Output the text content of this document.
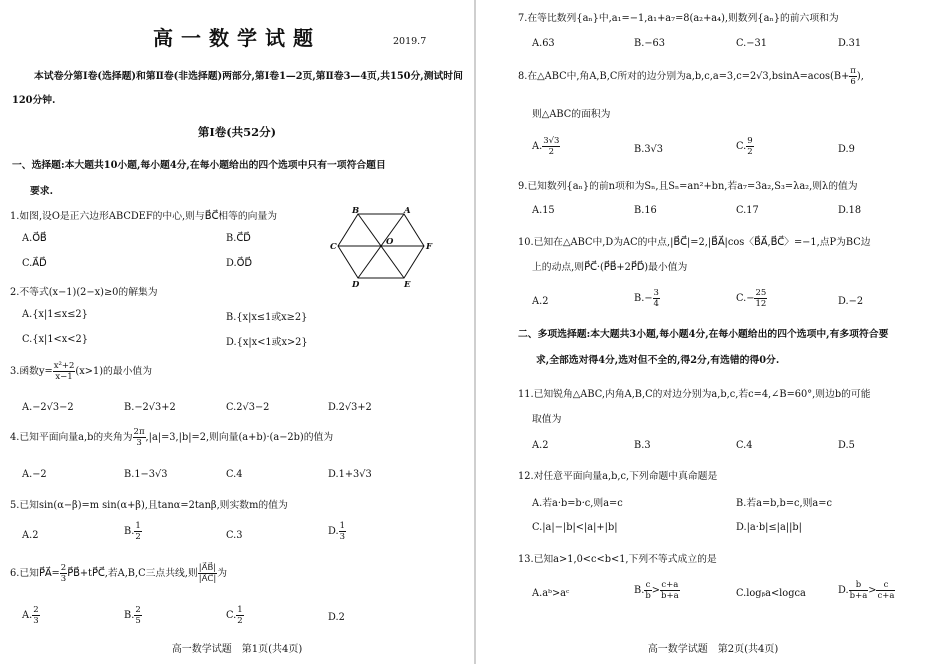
高一数学试题	2019.7
本试卷分第Ⅰ卷(选择题)和第Ⅱ卷(非选择题)两部分,第Ⅰ卷1—2页,第Ⅱ卷3—4页,共150分,测试时间120分钟.
第Ⅰ卷(共52分)
一、选择题:本大题共10小题,每小题4分,在每小题给出的四个选项中只有一项符合题目
要求.
1.如图,设O是正六边形ABCDEF的中心,则与B⃗C⃗相等的向量为
A.O⃗B⃗	B.C⃗D⃗
C.A⃗D⃗	D.O⃗D⃗
B	A
C	O	F
D	E
2.不等式(x−1)(2−x)≥0的解集为
A.{x|1≤x≤2}	B.{x|x≤1或x≥2}
C.{x|1<x<2}	D.{x|x<1或x>2}
3.函数$y= \frac{\text{x²+2}}{x-1} (x>1)$的最小值为
A.−2√3−2	B.−2√3+2	C.2√3−2	D.2√3+2
4.已知平面向量a,b的夹角为 $\frac{2\pi}{3} ,|a|=3,|b|=2$,则向量(a+b)·(a−2b)的值为
A.−2	B.1−3√3	C.4	D.1+3√3
5.已知sin(α−β)=m sin(α+β),且tanα=2tanβ,则实数m的值为
A.2	B. $\frac{1}{2}$	C.3	D. $\frac{1}{3}$
6.已知P⃗A⃗= $\frac{2}{3}$ P⃗B⃗+tP⃗C⃗,若A,B,C三点共线,则 $\frac{|A⃗B⃗|}{|A⃗C⃗|}$ 为
A. $\frac{2}{3}$	B. $\frac{2}{5}$	C. $\frac{1}{2}$	D.2
高一数学试题　第1页(共4页)
7.在等比数列{aₙ}中,a₁=−1,a₁+a₇=8(a₂+a₄),则数列{aₙ}的前六项和为
A.63	B.−63	C.−31	D.31
8.在△ABC中,角A,B,C所对的边分别为$a,b,c,a=3,c=2√3,bsinA=acos(B+ \frac{\pi}{6}$ ),
则△ABC的面积为
A. $\frac{3√3}{2}$	B.3√3	C. $\frac{9}{2}$	D.9
9.已知数列{aₙ}的前n项和为Sₙ,且Sₙ=an²+bn,若a₇=3a₂,S₃=λa₂,则λ的值为
A.15	B.16	C.17	D.18
10.已知在△ABC中,D为AC的中点,|B⃗C⃗|=2,|B⃗A⃗|cos〈B⃗A⃗,B⃗C⃗〉=−1,点P为BC边
上的动点,则P⃗C⃗·(P⃗B⃗+2P⃗D⃗)最小值为
A.2	$B.- \frac{3}{4}$	$C.- \frac{25}{12}$	D.−2
二、多项选择题:本大题共3小题,每小题4分,在每小题给出的四个选项中,有多项符合要
求,全部选对得4分,选对但不全的,得2分,有选错的得0分.
11.已知锐角△ABC,内角A,B,C的对边分别为a,b,c,若c=4,∠B=60°,则边b的可能
取值为
A.2	B.3	C.4	D.5
12.对任意平面向量a,b,c,下列命题中真命题是
A.若a·b=b·c,则a=c	B.若a=b,b=c,则a=c
C.|a|−|b|<|a|+|b|	D.|a·b|≤|a||b|
13.已知a>1,0<c<b<1,下列不等式成立的是
A.aᵇ>aᶜ	B. $\frac{c}{b} > \frac{c+a}{b+a}$	C.logᵦa<logᴄa	D. $\frac{b}{b+a} > \frac{c}{c+a}$
高一数学试题　第2页(共4页)
